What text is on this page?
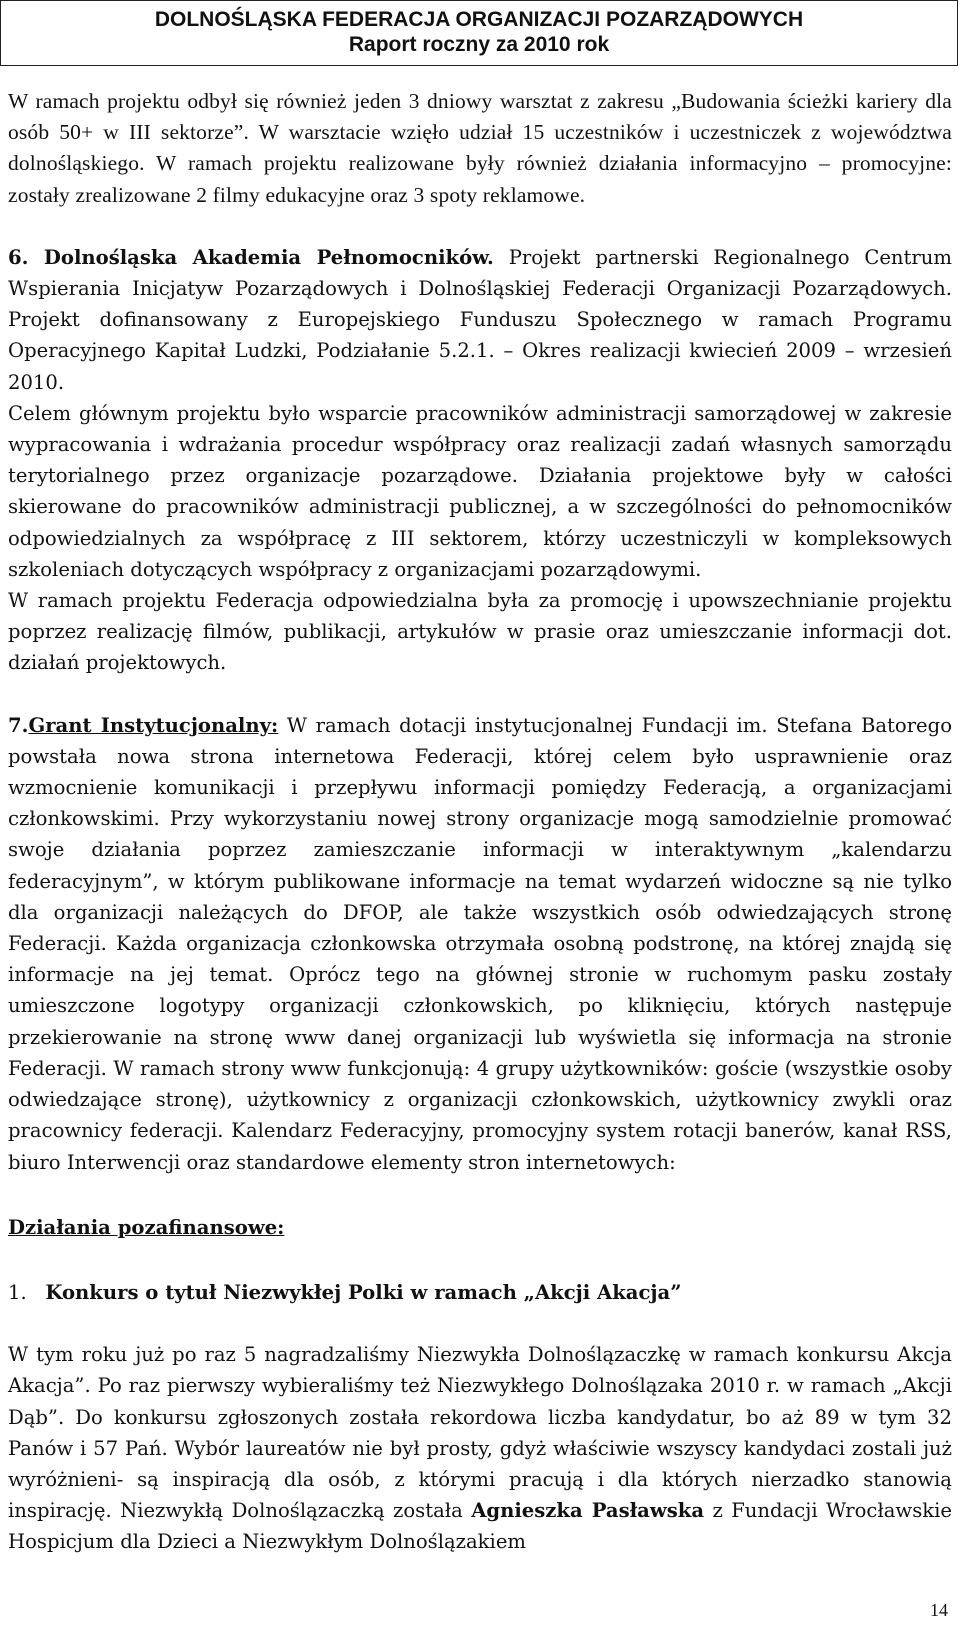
DOLNOŚLĄSKA FEDERACJA ORGANIZACJI POZARZĄDOWYCH
Raport roczny za 2010 rok

W ramach projektu odbył się również jeden 3 dniowy warsztat z zakresu „Budowania ścieżki kariery dla osób 50+ w III sektorze”. W warsztacie wzięło udział 15 uczestników i uczestniczek z województwa dolnośląskiego. W ramach projektu realizowane były również działania informacyjno – promocyjne: zostały zrealizowane 2 filmy edukacyjne oraz 3 spoty reklamowe.

6. Dolnośląska Akademia Pełnomocników. Projekt partnerski Regionalnego Centrum Wspierania Inicjatyw Pozarządowych i Dolnośląskiej Federacji Organizacji Pozarządowych. Projekt dofinansowany z Europejskiego Funduszu Społecznego w ramach Programu Operacyjnego Kapitał Ludzki, Podziałanie 5.2.1. – Okres realizacji kwiecień 2009 – wrzesień 2010.

Celem głównym projektu było wsparcie pracowników administracji samorządowej w zakresie wypracowania i wdrażania procedur współpracy oraz realizacji zadań własnych samorządu terytorialnego przez organizacje pozarządowe. Działania projektowe były w całości skierowane do pracowników administracji publicznej, a w szczególności do pełnomocników odpowiedzialnych za współpracę z III sektorem, którzy uczestniczyli w kompleksowych szkoleniach dotyczących współpracy z organizacjami pozarządowymi.

W ramach projektu Federacja odpowiedzialna była za promocję i upowszechnianie projektu poprzez realizację filmów, publikacji, artykułów w prasie oraz umieszczanie informacji dot. działań projektowych.

7.Grant Instytucjonalny: W ramach dotacji instytucjonalnej Fundacji im. Stefana Batorego powstała nowa strona internetowa Federacji, której celem było usprawnienie oraz wzmocnienie komunikacji i przepływu informacji pomiędzy Federacją, a organizacjami członkowskimi. Przy wykorzystaniu nowej strony organizacje mogą samodzielnie promować swoje działania poprzez zamieszczanie informacji w interaktywnym „kalendarzu federacyjnym”, w którym publikowane informacje na temat wydarzeń widoczne są nie tylko dla organizacji należących do DFOP, ale także wszystkich osób odwiedzających stronę Federacji. Każda organizacja członkowska otrzymała osobną podstronę, na której znajdą się informacje na jej temat. Oprócz tego na głównej stronie w ruchomym pasku zostały umieszczone logotypy organizacji członkowskich, po kliknięciu, których następuje przekierowanie na stronę www danej organizacji lub wyświetla się informacja na stronie Federacji. W ramach strony www funkcjonują: 4 grupy użytkowników: goście (wszystkie osoby odwiedzające stronę), użytkownicy z organizacji członkowskich, użytkownicy zwykli oraz pracownicy federacji. Kalendarz Federacyjny, promocyjny system rotacji banerów, kanał RSS, biuro Interwencji oraz standardowe elementy stron internetowych:

Działania pozafinansowe:

1. Konkurs o tytuł Niezwykłej Polki w ramach „Akcji Akacja”

W tym roku już po raz 5 nagradzaliśmy Niezwykła Dolnoślązaczkę w ramach konkursu Akcja Akacja”. Po raz pierwszy wybieraliśmy też Niezwykłego Dolnoślązaka 2010 r. w ramach „Akcji Dąb”. Do konkursu zgłoszonych została rekordowa liczba kandydatur, bo aż 89 w tym 32 Panów i 57 Pań. Wybór laureatów nie był prosty, gdyż właściwie wszyscy kandydaci zostali już wyróżnieni- są inspiracją dla osób, z którymi pracują i dla których nierzadko stanowią inspirację. Niezwykłą Dolnoślązaczką została Agnieszka Pasławska z Fundacji Wrocławskie Hospicjum dla Dzieci a Niezwykłym Dolnoślązakiem

14
